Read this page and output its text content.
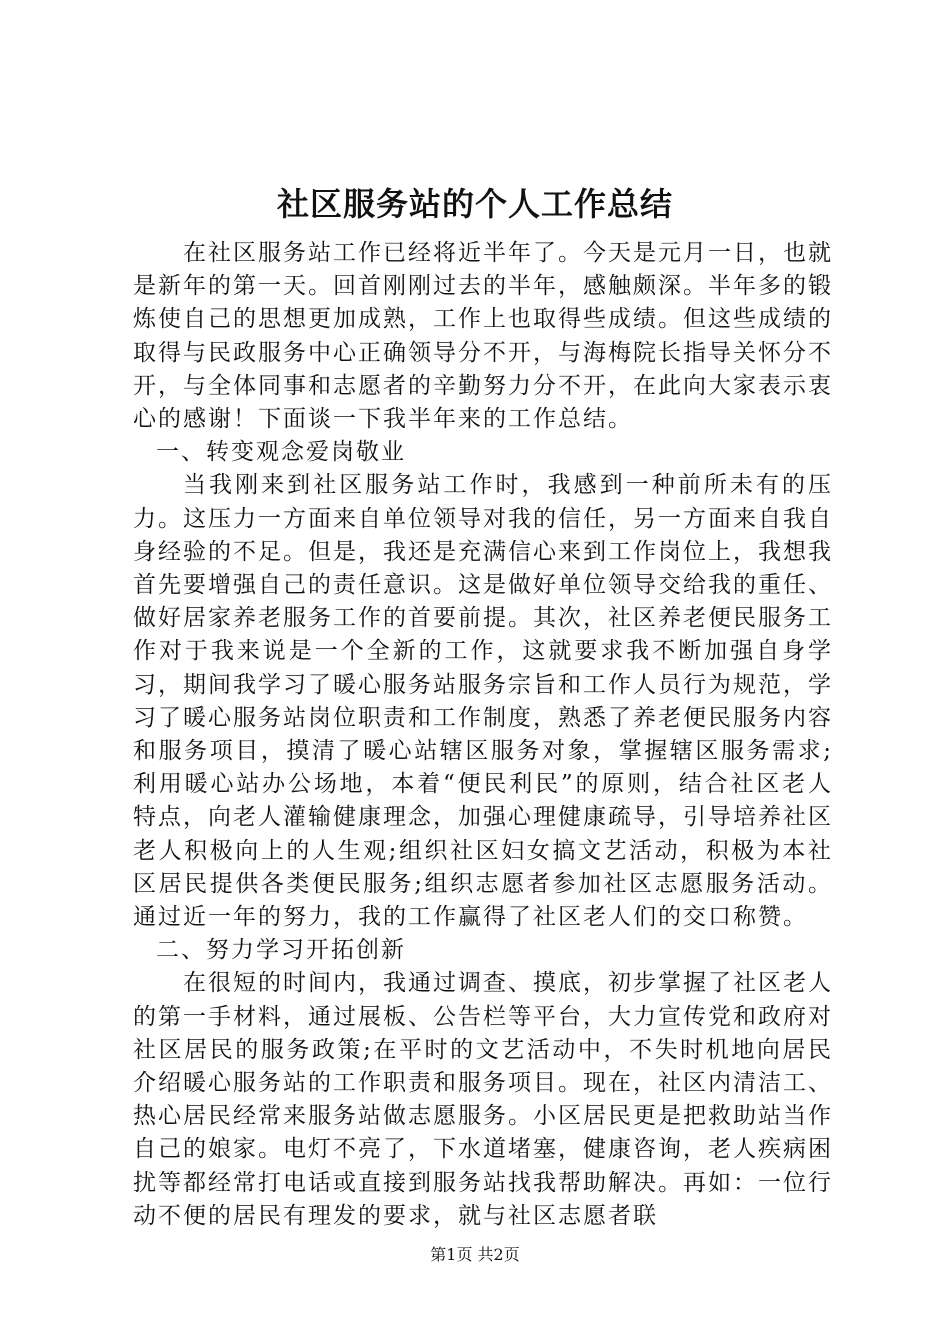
社区服务站的个人工作总结

在社区服务站工作已经将近半年了。今天是元月一日，也就是新年的第一天。回首刚刚过去的半年，感触颇深。半年多的锻炼使自己的思想更加成熟，工作上也取得些成绩。但这些成绩的取得与民政服务中心正确领导分不开，与海梅院长指导关怀分不开，与全体同事和志愿者的辛勤努力分不开，在此向大家表示衷心的感谢！下面谈一下我半年来的工作总结。

一、转变观念爱岗敬业

当我刚来到社区服务站工作时，我感到一种前所未有的压力。这压力一方面来自单位领导对我的信任，另一方面来自我自身经验的不足。但是，我还是充满信心来到工作岗位上，我想我首先要增强自己的责任意识。这是做好单位领导交给我的重任、做好居家养老服务工作的首要前提。其次，社区养老便民服务工作对于我来说是一个全新的工作，这就要求我不断加强自身学习，期间我学习了暖心服务站服务宗旨和工作人员行为规范，学习了暖心服务站岗位职责和工作制度，熟悉了养老便民服务内容和服务项目，摸清了暖心站辖区服务对象，掌握辖区服务需求;利用暖心站办公场地，本着“便民利民”的原则，结合社区老人特点，向老人灌输健康理念，加强心理健康疏导，引导培养社区老人积极向上的人生观;组织社区妇女搞文艺活动，积极为本社区居民提供各类便民服务;组织志愿者参加社区志愿服务活动。通过近一年的努力，我的工作赢得了社区老人们的交口称赞。

二、努力学习开拓创新

在很短的时间内，我通过调查、摸底，初步掌握了社区老人的第一手材料，通过展板、公告栏等平台，大力宣传党和政府对社区居民的服务政策;在平时的文艺活动中，不失时机地向居民介绍暖心服务站的工作职责和服务项目。现在，社区内清洁工、热心居民经常来服务站做志愿服务。小区居民更是把救助站当作自己的娘家。电灯不亮了，下水道堵塞，健康咨询，老人疾病困扰等都经常打电话或直接到服务站找我帮助解决。再如：一位行动不便的居民有理发的要求，就与社区志愿者联

第1页 共2页
